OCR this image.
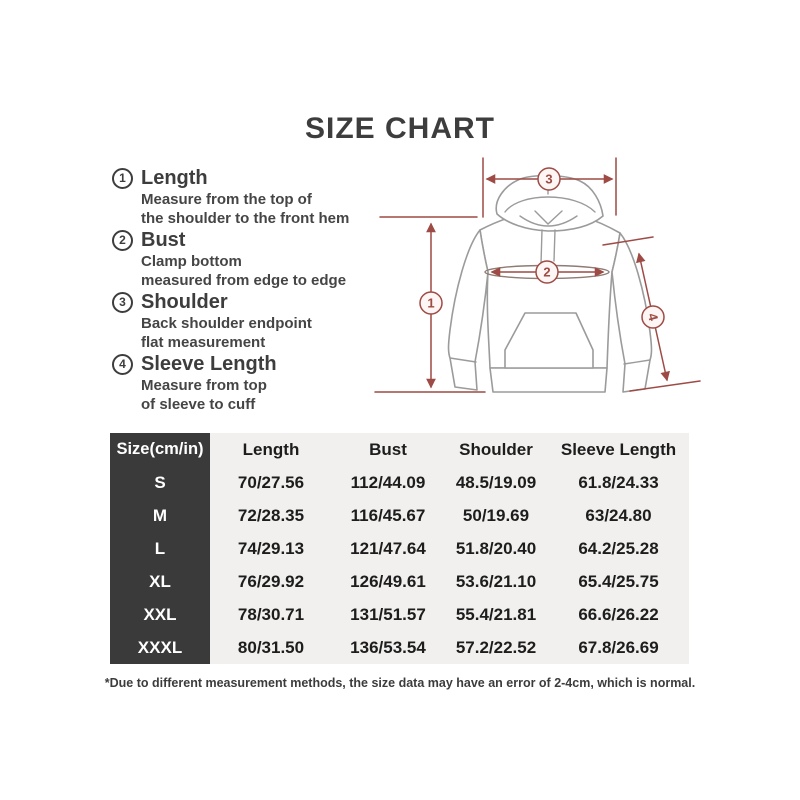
SIZE CHART
1 Length
Measure from the top of
the shoulder to the front hem
2 Bust
Clamp bottom
measured from edge to edge
3 Shoulder
Back shoulder endpoint
flat measurement
4 Sleeve Length
Measure from top
of sleeve to cuff
3
1
2
4
Size(cm/in)	Length	Bust	Shoulder	Sleeve Length
S	70/27.56	112/44.09	48.5/19.09	61.8/24.33
M	72/28.35	116/45.67	50/19.69	63/24.80
L	74/29.13	121/47.64	51.8/20.40	64.2/25.28
XL	76/29.92	126/49.61	53.6/21.10	65.4/25.75
XXL	78/30.71	131/51.57	55.4/21.81	66.6/26.22
XXXL	80/31.50	136/53.54	57.2/22.52	67.8/26.69
*Due to different measurement methods, the size data may have an error of 2-4cm, which is normal.
